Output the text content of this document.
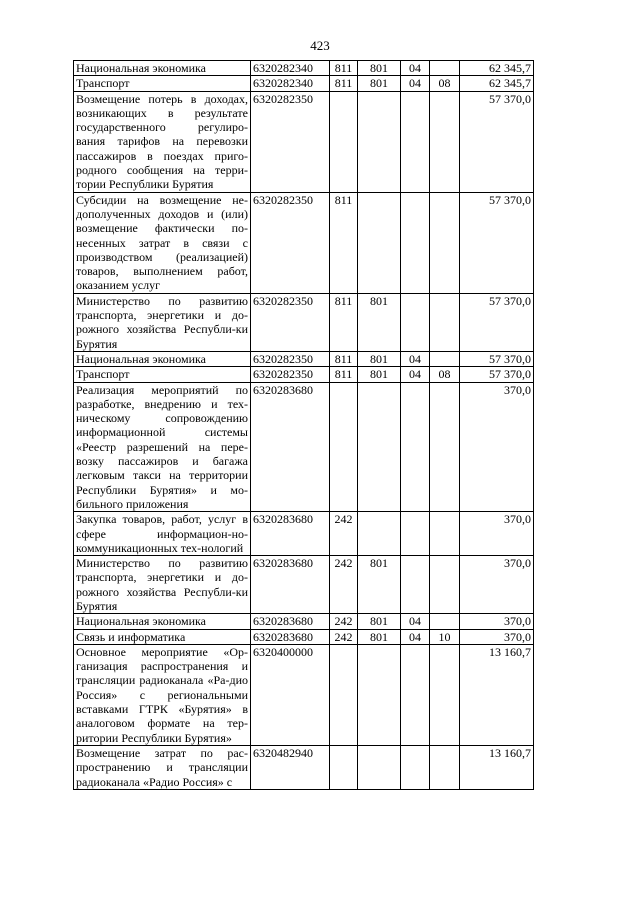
423
Национальная экономика	6320282340	811	801	04		62 345,7
Транспорт	6320282340	811	801	04	08	62 345,7
Возмещение потерь в доходах, возникающих в результате государственного регулиро-вания тарифов на перевозки пассажиров в поездах приго-родного сообщения на терри-тории Республики Бурятия	6320282350					57 370,0
Субсидии на возмещение не-дополученных доходов и (или) возмещение фактически по-несенных затрат в связи с производством (реализацией) товаров, выполнением работ, оказанием услуг	6320282350	811				57 370,0
Министерство по развитию транспорта, энергетики и до-рожного хозяйства Республи-ки Бурятия	6320282350	811	801			57 370,0
Национальная экономика	6320282350	811	801	04		57 370,0
Транспорт	6320282350	811	801	04	08	57 370,0
Реализация мероприятий по разработке, внедрению и тех-ническому сопровождению информационной системы «Реестр разрешений на пере-возку пассажиров и багажа легковым такси на территории Республики Бурятия» и мо-бильного приложения	6320283680					370,0
Закупка товаров, работ, услуг в сфере информацион-но-коммуникационных тех-нологий	6320283680	242				370,0
Министерство по развитию транспорта, энергетики и до-рожного хозяйства Республи-ки Бурятия	6320283680	242	801			370,0
Национальная экономика	6320283680	242	801	04		370,0
Связь и информатика	6320283680	242	801	04	10	370,0
Основное мероприятие «Ор-ганизация распространения и трансляции радиоканала «Ра-дио Россия» с региональными вставками ГТРК «Бурятия» в аналоговом формате на тер-ритории Республики Бурятия»	6320400000					13 160,7
Возмещение затрат по рас-пространению и трансляции радиоканала «Радио Россия» с	6320482940					13 160,7
